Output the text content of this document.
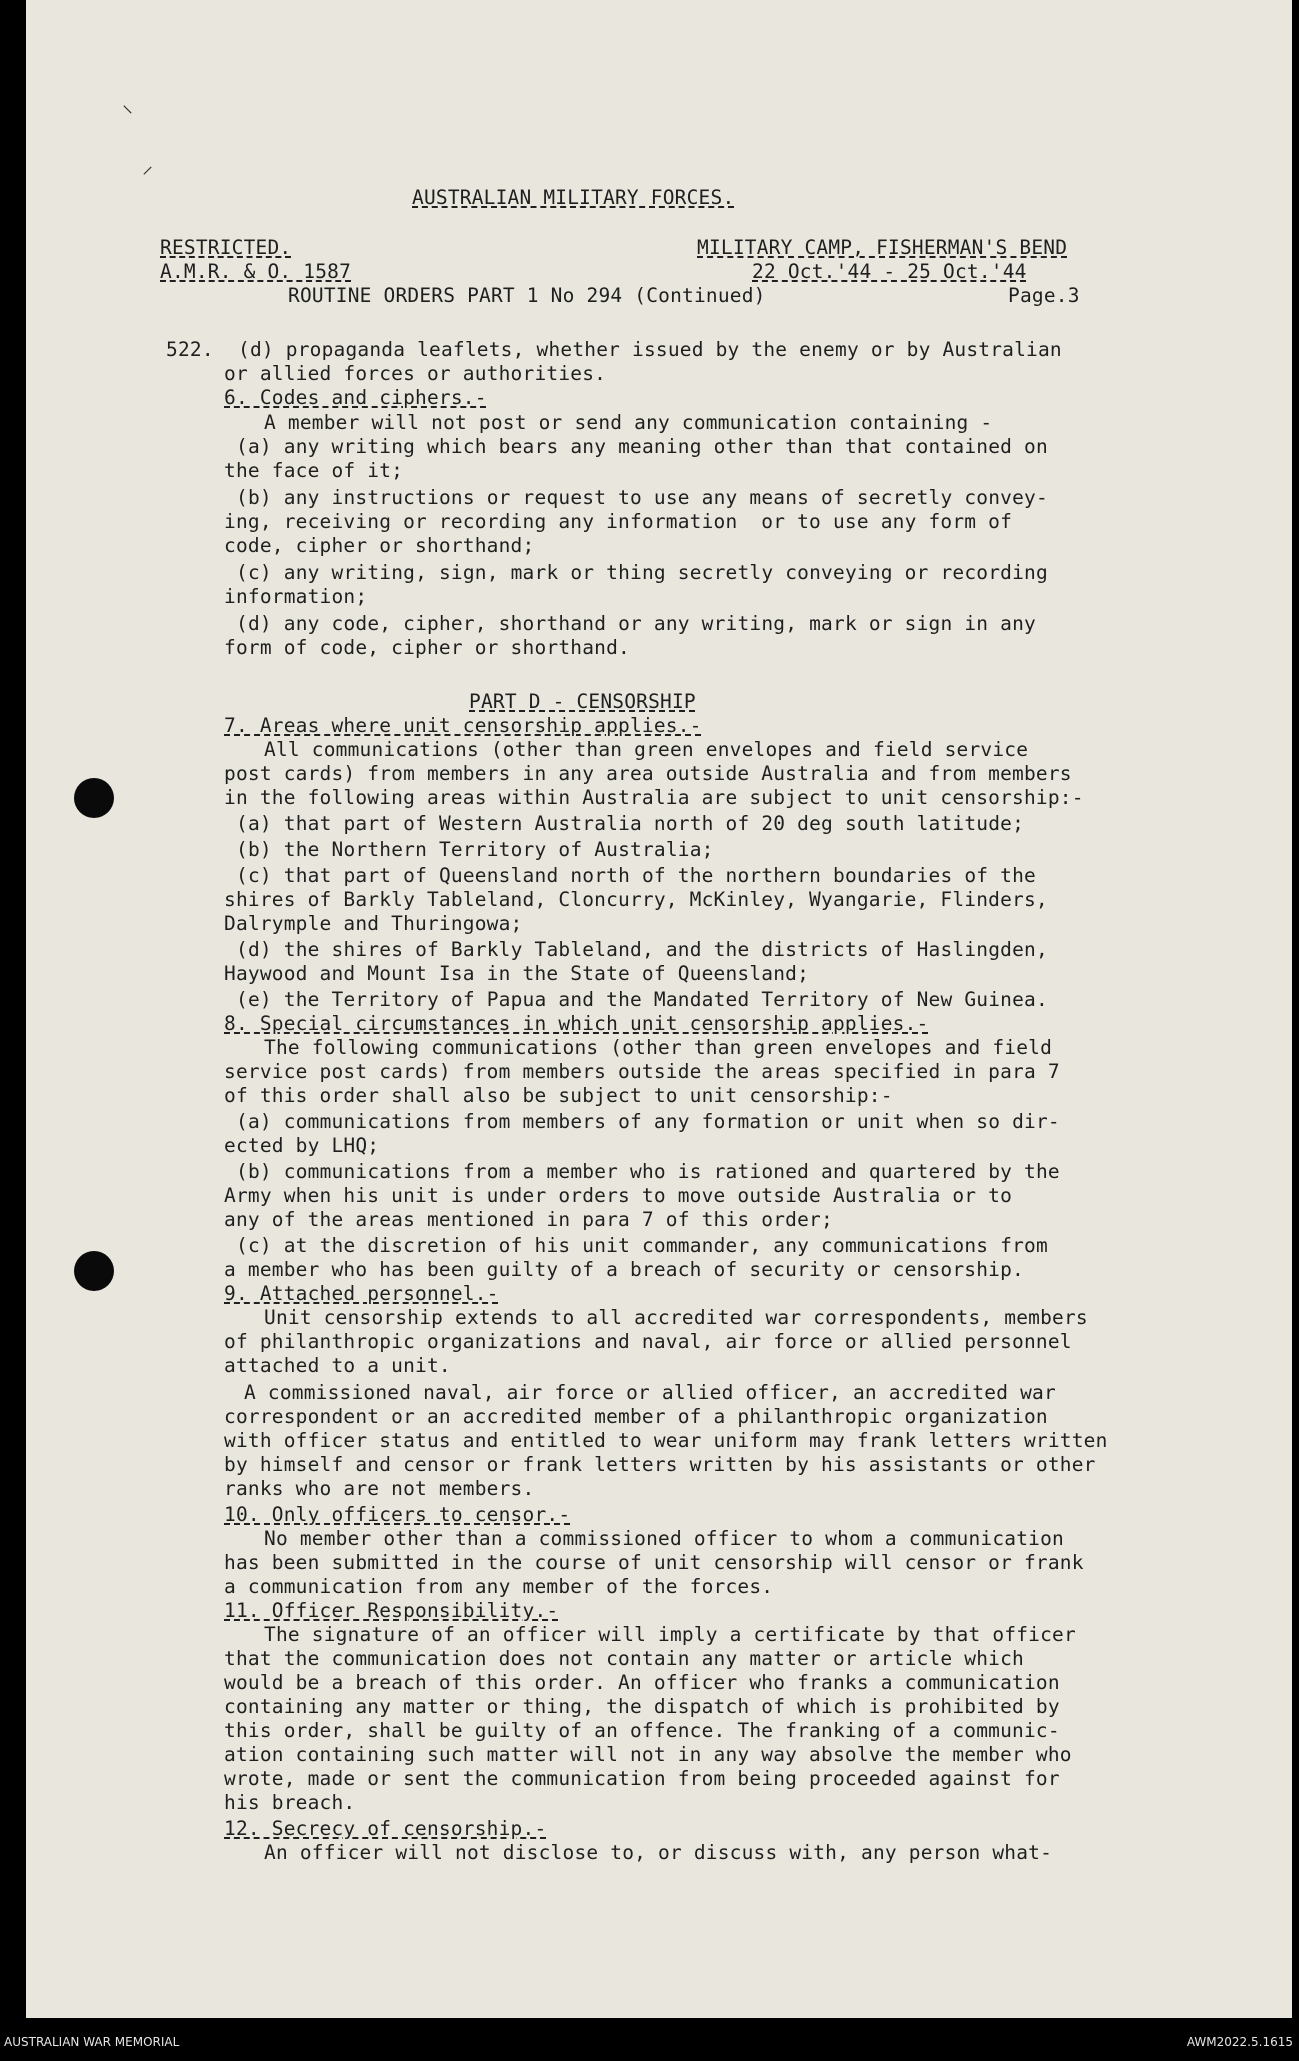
⸌
⸝
AUSTRALIAN MILITARY FORCES.
RESTRICTED.	MILITARY CAMP, FISHERMAN'S BEND
A.M.R. & O. 1587	22 Oct.'44 - 25 Oct.'44
ROUTINE ORDERS PART 1 No 294 (Continued)	Page.3
522. (d) propaganda leaflets, whether issued by the enemy or by Australian
or allied forces or authorities.
6. Codes and ciphers.-
A member will not post or send any communication containing -
(a) any writing which bears any meaning other than that contained on
the face of it;
(b) any instructions or request to use any means of secretly convey-
ing, receiving or recording any information  or to use any form of
code, cipher or shorthand;
(c) any writing, sign, mark or thing secretly conveying or recording
information;
(d) any code, cipher, shorthand or any writing, mark or sign in any
form of code, cipher or shorthand.
PART D - CENSORSHIP
7. Areas where unit censorship applies.-
All communications (other than green envelopes and field service
post cards) from members in any area outside Australia and from members
in the following areas within Australia are subject to unit censorship:-
(a) that part of Western Australia north of 20 deg south latitude;
(b) the Northern Territory of Australia;
(c) that part of Queensland north of the northern boundaries of the
shires of Barkly Tableland, Cloncurry, McKinley, Wyangarie, Flinders,
Dalrymple and Thuringowa;
(d) the shires of Barkly Tableland, and the districts of Haslingden,
Haywood and Mount Isa in the State of Queensland;
(e) the Territory of Papua and the Mandated Territory of New Guinea.
8. Special circumstances in which unit censorship applies.-
The following communications (other than green envelopes and field
service post cards) from members outside the areas specified in para 7
of this order shall also be subject to unit censorship:-
(a) communications from members of any formation or unit when so dir-
ected by LHQ;
(b) communications from a member who is rationed and quartered by the
Army when his unit is under orders to move outside Australia or to
any of the areas mentioned in para 7 of this order;
(c) at the discretion of his unit commander, any communications from
a member who has been guilty of a breach of security or censorship.
9. Attached personnel.-
Unit censorship extends to all accredited war correspondents, members
of philanthropic organizations and naval, air force or allied personnel
attached to a unit.
A commissioned naval, air force or allied officer, an accredited war
correspondent or an accredited member of a philanthropic organization
with officer status and entitled to wear uniform may frank letters written
by himself and censor or frank letters written by his assistants or other
ranks who are not members.
10. Only officers to censor.-
No member other than a commissioned officer to whom a communication
has been submitted in the course of unit censorship will censor or frank
a communication from any member of the forces.
11. Officer Responsibility.-
The signature of an officer will imply a certificate by that officer
that the communication does not contain any matter or article which
would be a breach of this order. An officer who franks a communication
containing any matter or thing, the dispatch of which is prohibited by
this order, shall be guilty of an offence. The franking of a communic-
ation containing such matter will not in any way absolve the member who
wrote, made or sent the communication from being proceeded against for
his breach.
12. Secrecy of censorship.-
An officer will not disclose to, or discuss with, any person what-
AUSTRALIAN WAR MEMORIAL	AWM2022.5.1615
